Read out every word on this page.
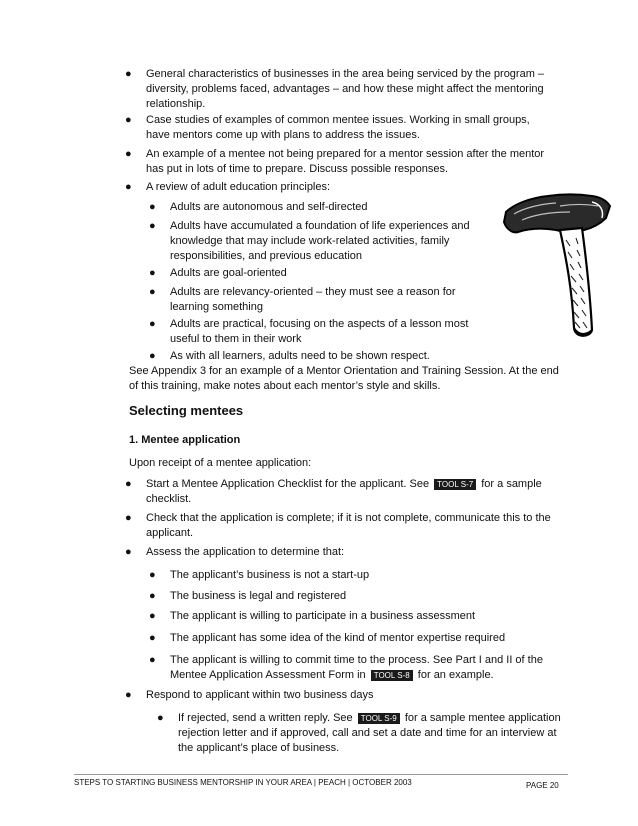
●	General characteristics of businesses in the area being serviced by the program – diversity, problems faced, advantages – and how these might affect the mentoring relationship.
●	Case studies of examples of common mentee issues. Working in small groups, have mentors come up with plans to address the issues.
●	An example of a mentee not being prepared for a mentor session after the mentor has put in lots of time to prepare. Discuss possible responses.
●	A review of adult education principles:
●	Adults are autonomous and self-directed
●	Adults have accumulated a foundation of life experiences and knowledge that may include work-related activities, family responsibilities, and previous education
●	Adults are goal-oriented
●	Adults are relevancy-oriented – they must see a reason for learning something
●	Adults are practical, focusing on the aspects of a lesson most useful to them in their work
●	As with all learners, adults need to be shown respect.
See Appendix 3 for an example of a Mentor Orientation and Training Session. At the end of this training, make notes about each mentor’s style and skills.
Selecting mentees
1. Mentee application
Upon receipt of a mentee application:
●	Start a Mentee Application Checklist for the applicant. See TOOL S-7 for a sample checklist.
●	Check that the application is complete; if it is not complete, communicate this to the applicant.
●	Assess the application to determine that:
●	The applicant’s business is not a start-up
●	The business is legal and registered
●	The applicant is willing to participate in a business assessment
●	The applicant has some idea of the kind of mentor expertise required
●	The applicant is willing to commit time to the process. See Part I and II of the Mentee Application Assessment Form in TOOL S-8 for an example.
●	Respond to applicant within two business days
●	If rejected, send a written reply. See TOOL S-9 for a sample mentee application rejection letter and if approved, call and set a date and time for an interview at the applicant’s place of business.
STEPS TO STARTING BUSINESS MENTORSHIP IN YOUR AREA | PEACH | OCTOBER 2003	PAGE 20
